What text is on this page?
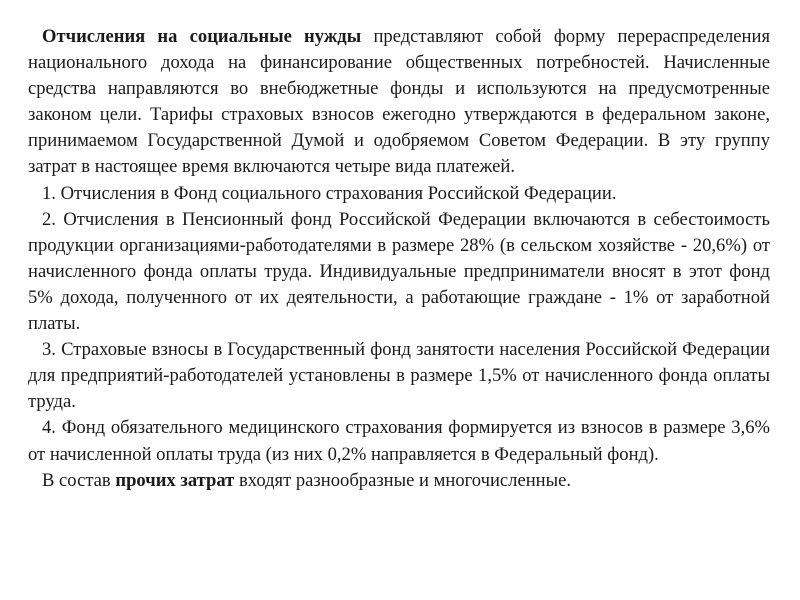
Отчисления на социальные нужды представляют собой форму перераспределения национального дохода на финансирование общественных потребностей. Начисленные средства направляются во внебюджетные фонды и используются на предусмотренные законом цели. Тарифы страховых взносов ежегодно утверждаются в федеральном законе, принимаемом Государственной Думой и одобряемом Советом Федерации. В эту группу затрат в настоящее время включаются четыре вида платежей.

1. Отчисления в Фонд социального страхования Российской Федерации.

2. Отчисления в Пенсионный фонд Российской Федерации включаются в себестоимость продукции организациями-работодателями в размере 28% (в сельском хозяйстве - 20,6%) от начисленного фонда оплаты труда. Индивидуальные предприниматели вносят в этот фонд 5% дохода, полученного от их деятельности, а работающие граждане - 1% от заработной платы.

3. Страховые взносы в Государственный фонд занятости населения Российской Федерации для предприятий-работодателей установлены в размере 1,5% от начисленного фонда оплаты труда.

4. Фонд обязательного медицинского страхования формируется из взносов в размере 3,6% от начисленной оплаты труда (из них 0,2% направляется в Федеральный фонд).

В состав прочих затрат входят разнообразные и многочисленные.
